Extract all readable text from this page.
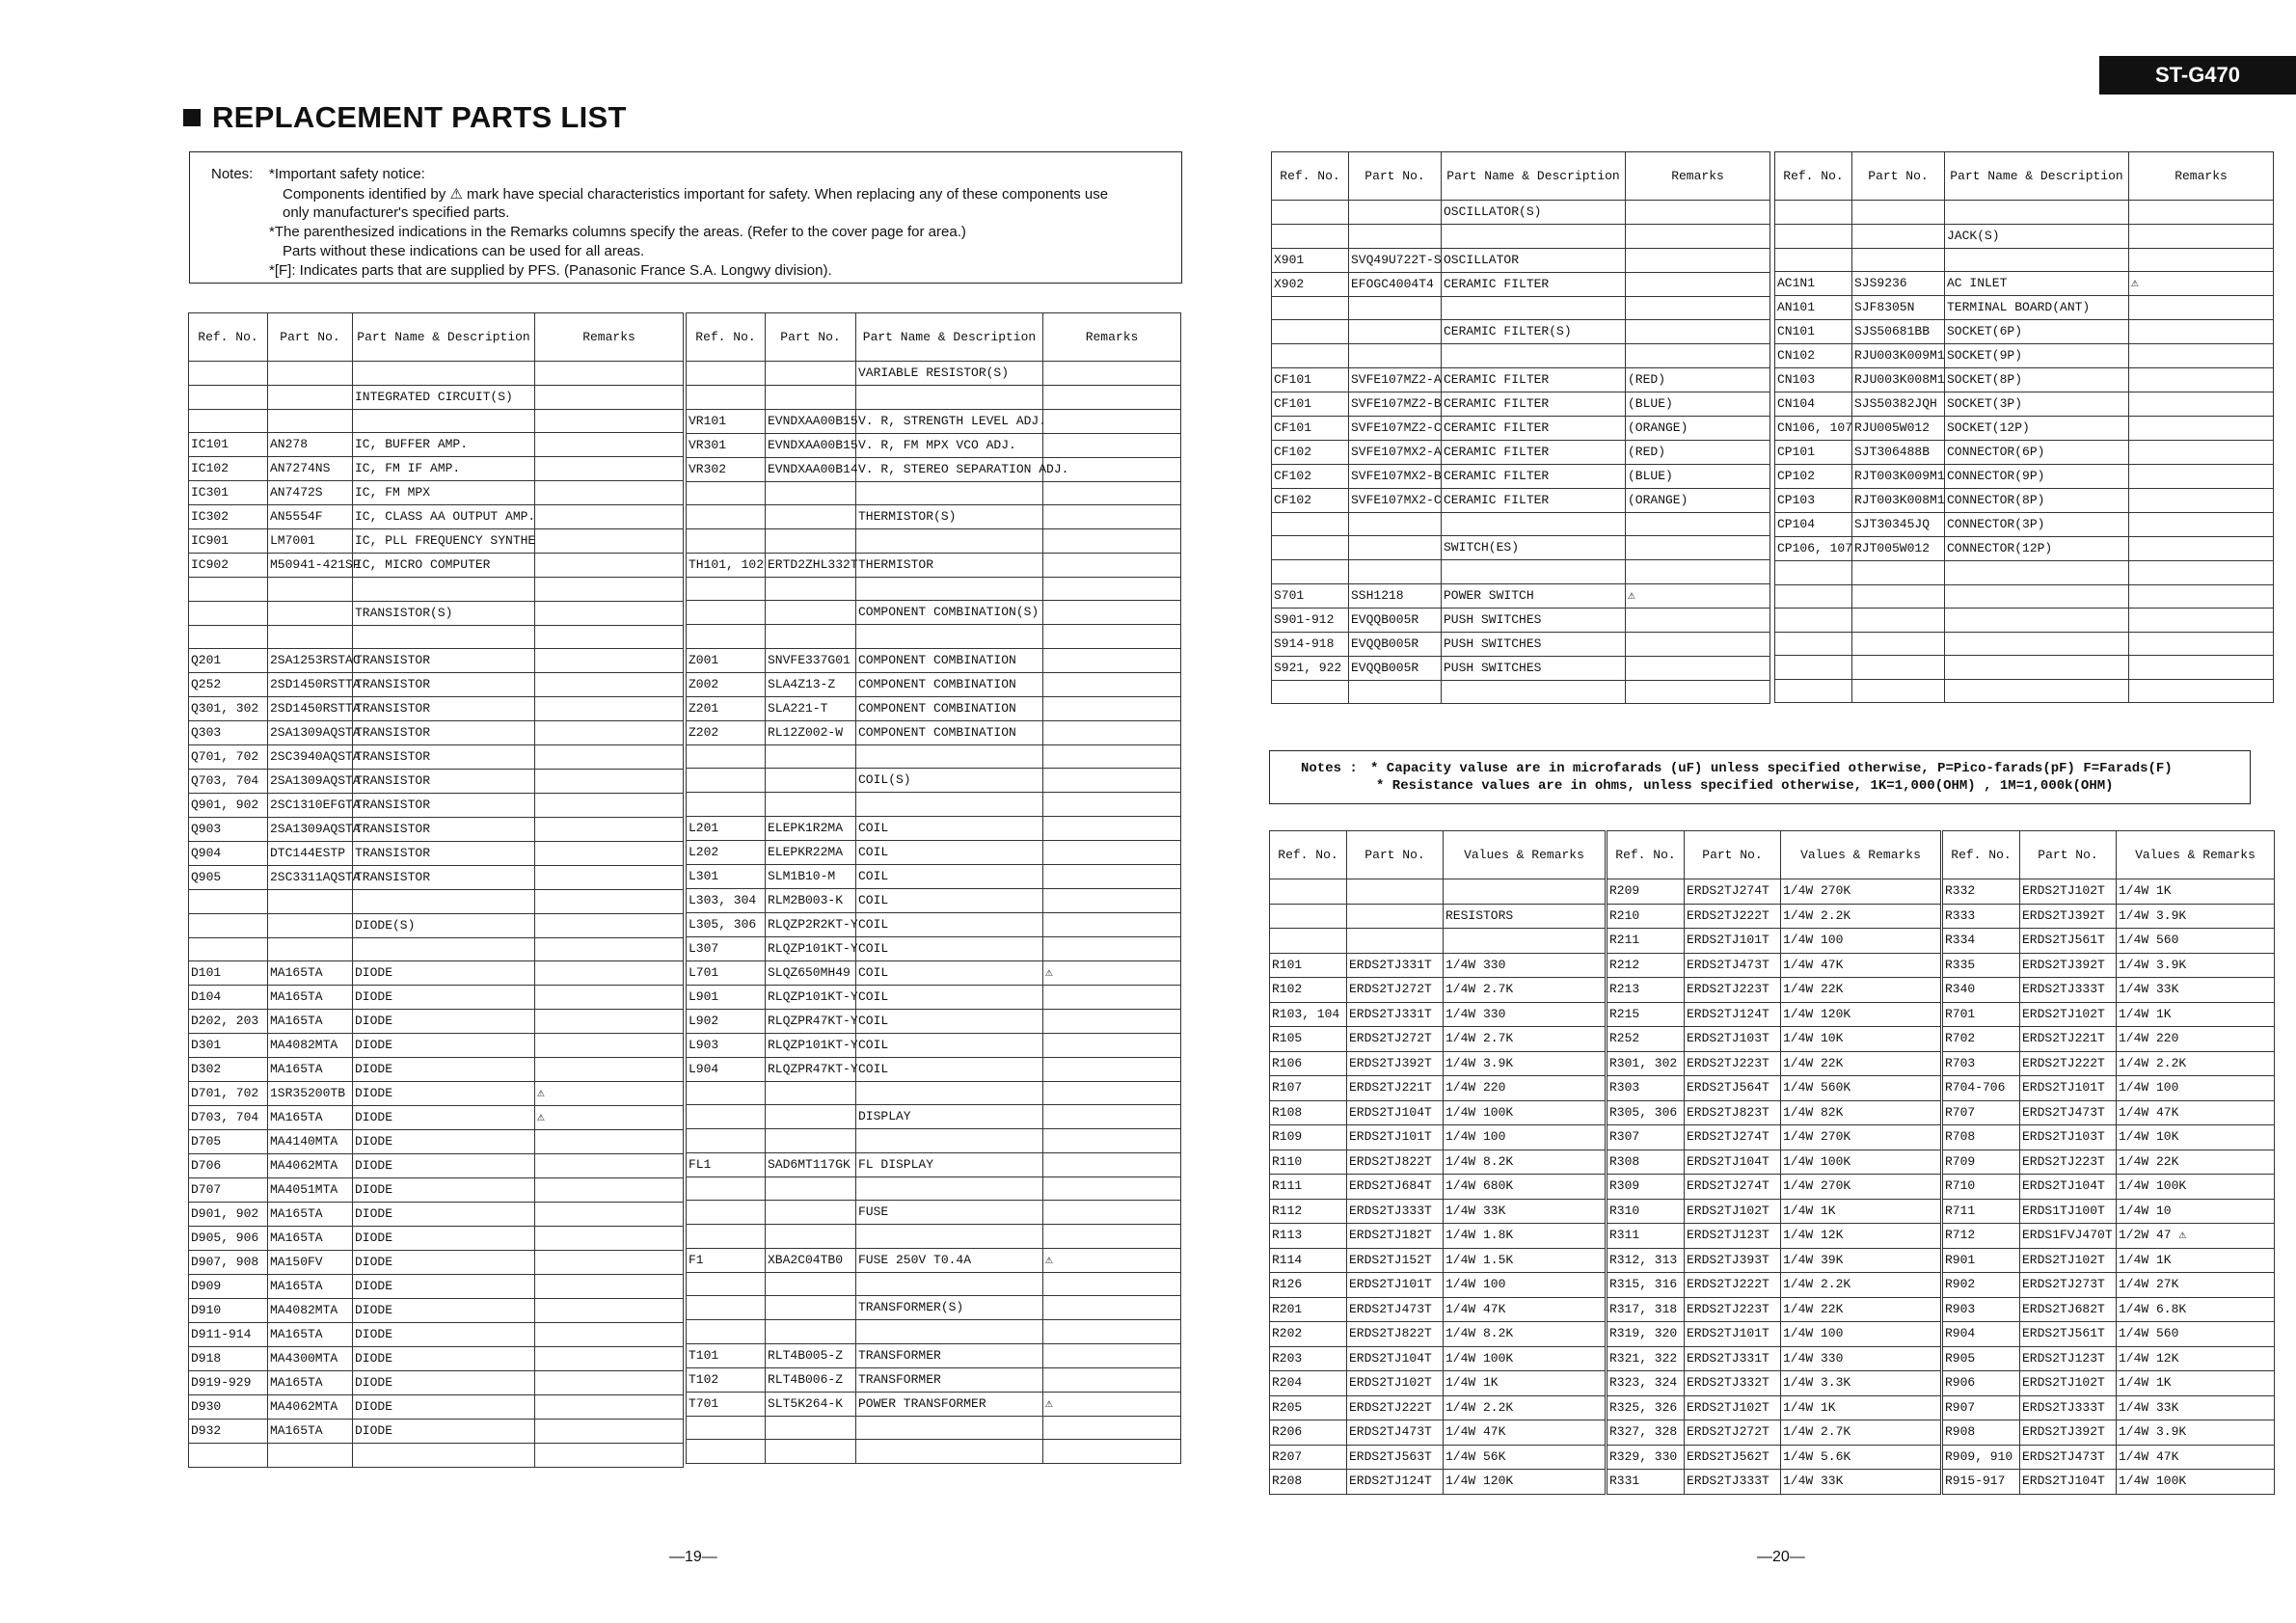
REPLACEMENT PARTS LIST
ST-G470
Notes: *Important safety notice:
Components identified by ⚠ mark have special characteristics important for safety. When replacing any of these components use
only manufacturer's specified parts.
*The parenthesized indications in the Remarks columns specify the areas. (Refer to the cover page for area.)
Parts without these indications can be used for all areas.
*[F]: Indicates parts that are supplied by PFS. (Panasonic France S.A. Longwy division).
Notes : * Capacity valuse are in microfarads (uF) unless specified otherwise, P=Pico-farads(pF) F=Farads(F)
* Resistance values are in ohms, unless specified otherwise, 1K=1,000(OHM) , 1M=1,000k(OHM)
Ref. No.	Part No.	Part Name & Description	Remarks

		INTEGRATED CIRCUIT(S)	

IC101	AN278	IC, BUFFER AMP.	
IC102	AN7274NS	IC, FM IF AMP.	
IC301	AN7472S	IC, FM MPX	
IC302	AN5554F	IC, CLASS AA OUTPUT AMP.	
IC901	LM7001	IC, PLL FREQUENCY SYNTHE	
IC902	M50941-421SP	IC, MICRO COMPUTER	

		TRANSISTOR(S)	

Q201	2SA1253RSTAC	TRANSISTOR	
Q252	2SD1450RSTTA	TRANSISTOR	
Q301, 302	2SD1450RSTTA	TRANSISTOR	
Q303	2SA1309AQSTA	TRANSISTOR	
Q701, 702	2SC3940AQSTA	TRANSISTOR	
Q703, 704	2SA1309AQSTA	TRANSISTOR	
Q901, 902	2SC1310EFGTA	TRANSISTOR	
Q903	2SA1309AQSTA	TRANSISTOR	
Q904	DTC144ESTP	TRANSISTOR	
Q905	2SC3311AQSTA	TRANSISTOR	

		DIODE(S)	

D101	MA165TA	DIODE	
D104	MA165TA	DIODE	
D202, 203	MA165TA	DIODE	
D301	MA4082MTA	DIODE	
D302	MA165TA	DIODE	
D701, 702	1SR35200TB	DIODE	⚠
D703, 704	MA165TA	DIODE	⚠
D705	MA4140MTA	DIODE	
D706	MA4062MTA	DIODE	
D707	MA4051MTA	DIODE	
D901, 902	MA165TA	DIODE	
D905, 906	MA165TA	DIODE	
D907, 908	MA150FV	DIODE	
D909	MA165TA	DIODE	
D910	MA4082MTA	DIODE	
D911-914	MA165TA	DIODE	
D918	MA4300MTA	DIODE	
D919-929	MA165TA	DIODE	
D930	MA4062MTA	DIODE	
D932	MA165TA	DIODE	

Ref. No.	Part No.	Part Name & Description	Remarks
		VARIABLE RESISTOR(S)	

VR101	EVNDXAA00B15	V. R, STRENGTH LEVEL ADJ.	
VR301	EVNDXAA00B15	V. R, FM MPX VCO ADJ.	
VR302	EVNDXAA00B14	V. R, STEREO SEPARATION ADJ.	

		THERMISTOR(S)	

TH101, 102	ERTD2ZHL332T	THERMISTOR	

		COMPONENT COMBINATION(S)	

Z001	SNVFE337G01	COMPONENT COMBINATION	
Z002	SLA4Z13-Z	COMPONENT COMBINATION	
Z201	SLA221-T	COMPONENT COMBINATION	
Z202	RL12Z002-W	COMPONENT COMBINATION	

		COIL(S)	

L201	ELEPK1R2MA	COIL	
L202	ELEPKR22MA	COIL	
L301	SLM1B10-M	COIL	
L303, 304	RLM2B003-K	COIL	
L305, 306	RLQZP2R2KT-Y	COIL	
L307	RLQZP101KT-Y	COIL	
L701	SLQZ650MH49	COIL	⚠
L901	RLQZP101KT-Y	COIL	
L902	RLQZPR47KT-Y	COIL	
L903	RLQZP101KT-Y	COIL	
L904	RLQZPR47KT-Y	COIL	

		DISPLAY	

FL1	SAD6MT117GK	FL DISPLAY	

		FUSE	

F1	XBA2C04TB0	FUSE 250V T0.4A	⚠

		TRANSFORMER(S)	

T101	RLT4B005-Z	TRANSFORMER	
T102	RLT4B006-Z	TRANSFORMER	
T701	SLT5K264-K	POWER TRANSFORMER	⚠

Ref. No.	Part No.	Part Name & Description	Remarks
		OSCILLATOR(S)	

X901	SVQ49U722T-S	OSCILLATOR	
X902	EFOGC4004T4	CERAMIC FILTER	

		CERAMIC FILTER(S)	

CF101	SVFE107MZ2-A	CERAMIC FILTER	(RED)
CF101	SVFE107MZ2-B	CERAMIC FILTER	(BLUE)
CF101	SVFE107MZ2-C	CERAMIC FILTER	(ORANGE)
CF102	SVFE107MX2-A	CERAMIC FILTER	(RED)
CF102	SVFE107MX2-B	CERAMIC FILTER	(BLUE)
CF102	SVFE107MX2-C	CERAMIC FILTER	(ORANGE)

		SWITCH(ES)	

S701	SSH1218	POWER SWITCH	⚠
S901-912	EVQQB005R	PUSH SWITCHES	
S914-918	EVQQB005R	PUSH SWITCHES	
S921, 922	EVQQB005R	PUSH SWITCHES	

Ref. No.	Part No.	Part Name & Description	Remarks

		JACK(S)	

AC1N1	SJS9236	AC INLET	⚠
AN101	SJF8305N	TERMINAL BOARD(ANT)	
CN101	SJS50681BB	SOCKET(6P)	
CN102	RJU003K009M1	SOCKET(9P)	
CN103	RJU003K008M1	SOCKET(8P)	
CN104	SJS50382JQH	SOCKET(3P)	
CN106, 107	RJU005W012	SOCKET(12P)	
CP101	SJT306488B	CONNECTOR(6P)	
CP102	RJT003K009M1	CONNECTOR(9P)	
CP103	RJT003K008M1	CONNECTOR(8P)	
CP104	SJT30345JQ	CONNECTOR(3P)	
CP106, 107	RJT005W012	CONNECTOR(12P)	

Ref. No.	Part No.	Values & Remarks

		RESISTORS

R101	ERDS2TJ331T	1/4W 330
R102	ERDS2TJ272T	1/4W 2.7K
R103, 104	ERDS2TJ331T	1/4W 330
R105	ERDS2TJ272T	1/4W 2.7K
R106	ERDS2TJ392T	1/4W 3.9K
R107	ERDS2TJ221T	1/4W 220
R108	ERDS2TJ104T	1/4W 100K
R109	ERDS2TJ101T	1/4W 100
R110	ERDS2TJ822T	1/4W 8.2K
R111	ERDS2TJ684T	1/4W 680K
R112	ERDS2TJ333T	1/4W 33K
R113	ERDS2TJ182T	1/4W 1.8K
R114	ERDS2TJ152T	1/4W 1.5K
R126	ERDS2TJ101T	1/4W 100
R201	ERDS2TJ473T	1/4W 47K
R202	ERDS2TJ822T	1/4W 8.2K
R203	ERDS2TJ104T	1/4W 100K
R204	ERDS2TJ102T	1/4W 1K
R205	ERDS2TJ222T	1/4W 2.2K
R206	ERDS2TJ473T	1/4W 47K
R207	ERDS2TJ563T	1/4W 56K
R208	ERDS2TJ124T	1/4W 120K
Ref. No.	Part No.	Values & Remarks
R209	ERDS2TJ274T	1/4W 270K
R210	ERDS2TJ222T	1/4W 2.2K
R211	ERDS2TJ101T	1/4W 100
R212	ERDS2TJ473T	1/4W 47K
R213	ERDS2TJ223T	1/4W 22K
R215	ERDS2TJ124T	1/4W 120K
R252	ERDS2TJ103T	1/4W 10K
R301, 302	ERDS2TJ223T	1/4W 22K
R303	ERDS2TJ564T	1/4W 560K
R305, 306	ERDS2TJ823T	1/4W 82K
R307	ERDS2TJ274T	1/4W 270K
R308	ERDS2TJ104T	1/4W 100K
R309	ERDS2TJ274T	1/4W 270K
R310	ERDS2TJ102T	1/4W 1K
R311	ERDS2TJ123T	1/4W 12K
R312, 313	ERDS2TJ393T	1/4W 39K
R315, 316	ERDS2TJ222T	1/4W 2.2K
R317, 318	ERDS2TJ223T	1/4W 22K
R319, 320	ERDS2TJ101T	1/4W 100
R321, 322	ERDS2TJ331T	1/4W 330
R323, 324	ERDS2TJ332T	1/4W 3.3K
R325, 326	ERDS2TJ102T	1/4W 1K
R327, 328	ERDS2TJ272T	1/4W 2.7K
R329, 330	ERDS2TJ562T	1/4W 5.6K
R331	ERDS2TJ333T	1/4W 33K
Ref. No.	Part No.	Values & Remarks
R332	ERDS2TJ102T	1/4W 1K
R333	ERDS2TJ392T	1/4W 3.9K
R334	ERDS2TJ561T	1/4W 560
R335	ERDS2TJ392T	1/4W 3.9K
R340	ERDS2TJ333T	1/4W 33K
R701	ERDS2TJ102T	1/4W 1K
R702	ERDS2TJ221T	1/4W 220
R703	ERDS2TJ222T	1/4W 2.2K
R704-706	ERDS2TJ101T	1/4W 100
R707	ERDS2TJ473T	1/4W 47K
R708	ERDS2TJ103T	1/4W 10K
R709	ERDS2TJ223T	1/4W 22K
R710	ERDS2TJ104T	1/4W 100K
R711	ERDS1TJ100T	1/4W 10
R712	ERDS1FVJ470T	1/2W 47 ⚠
R901	ERDS2TJ102T	1/4W 1K
R902	ERDS2TJ273T	1/4W 27K
R903	ERDS2TJ682T	1/4W 6.8K
R904	ERDS2TJ561T	1/4W 560
R905	ERDS2TJ123T	1/4W 12K
R906	ERDS2TJ102T	1/4W 1K
R907	ERDS2TJ333T	1/4W 33K
R908	ERDS2TJ392T	1/4W 3.9K
R909, 910	ERDS2TJ473T	1/4W 47K
R915-917	ERDS2TJ104T	1/4W 100K
—19—	—20—
